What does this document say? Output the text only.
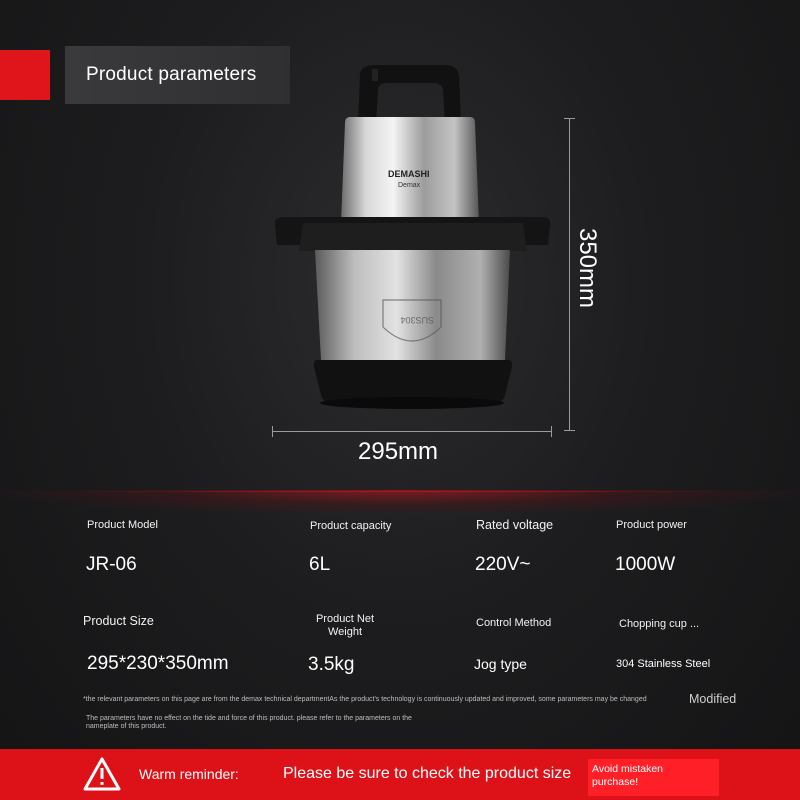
Product parameters
DEMASHI
Demax
SUS304
350mm
295mm
Product Model
JR-06
Product capacity
6L
Rated voltage
220V~
Product power
1000W
Product Size
295*230*350mm
Product Net Weight
3.5kg
Control Method
Jog type
Chopping cup ...
304 Stainless Steel
*the relevant parameters on this page are from the demax technical departmentAs the product's technology is continuously updated and improved, some parameters may be changed	Modified
The parameters have no effect on the tide and force of this product. please refer to the parameters on the nameplate of this product.
Warm reminder:	Please be sure to check the product size Avoid mistaken purchase!
